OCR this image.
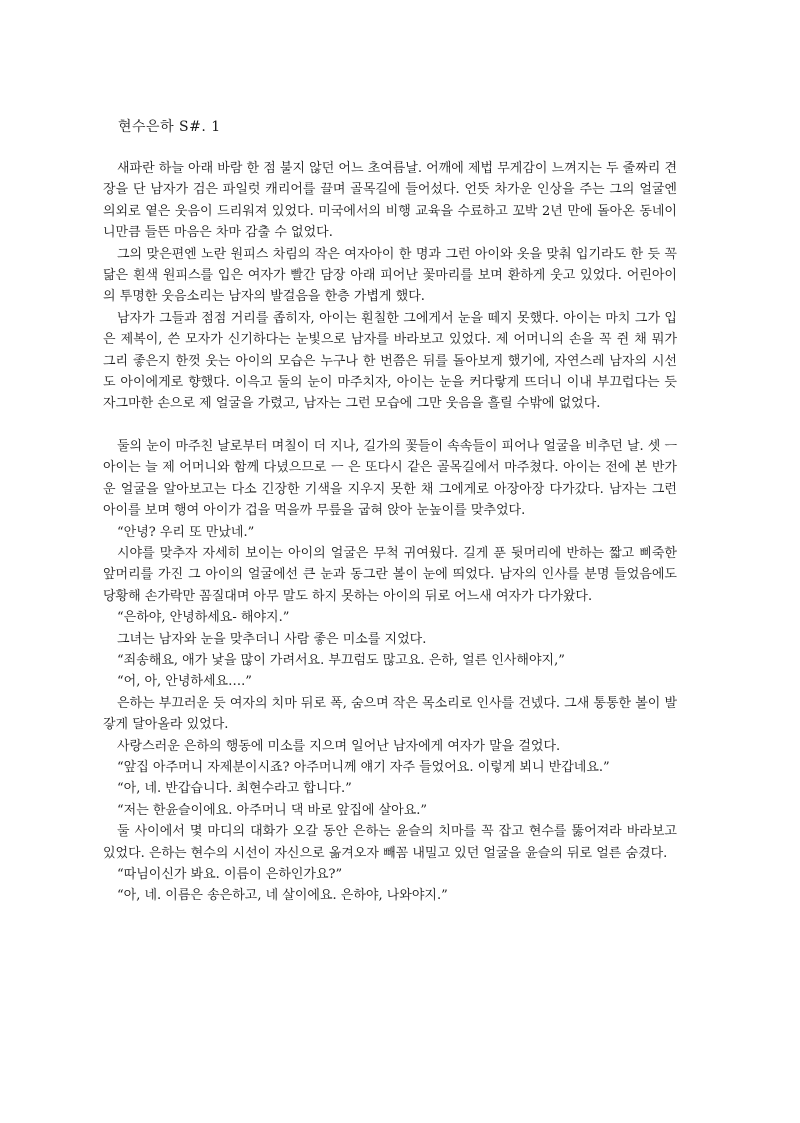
현수은하 S#. 1

새파란 하늘 아래 바람 한 점 불지 않던 어느 초여름날. 어깨에 제법 무게감이 느껴지는 두 줄짜리 견장을 단 남자가 검은 파일럿 캐리어를 끌며 골목길에 들어섰다. 언뜻 차가운 인상을 주는 그의 얼굴엔 의외로 옅은 웃음이 드리워져 있었다. 미국에서의 비행 교육을 수료하고 꼬박 2년 만에 돌아온 동네이니만큼 들뜬 마음은 차마 감출 수 없었다.

그의 맞은편엔 노란 원피스 차림의 작은 여자아이 한 명과 그런 아이와 옷을 맞춰 입기라도 한 듯 꼭 닮은 흰색 원피스를 입은 여자가 빨간 담장 아래 피어난 꽃마리를 보며 환하게 웃고 있었다. 어린아이의 투명한 웃음소리는 남자의 발걸음을 한층 가볍게 했다.

남자가 그들과 점점 거리를 좁히자, 아이는 훤칠한 그에게서 눈을 떼지 못했다. 아이는 마치 그가 입은 제복이, 쓴 모자가 신기하다는 눈빛으로 남자를 바라보고 있었다. 제 어머니의 손을 꼭 쥔 채 뭐가 그리 좋은지 한껏 웃는 아이의 모습은 누구나 한 번쯤은 뒤를 돌아보게 했기에, 자연스레 남자의 시선도 아이에게로 향했다. 이윽고 둘의 눈이 마주치자, 아이는 눈을 커다랗게 뜨더니 이내 부끄럽다는 듯 자그마한 손으로 제 얼굴을 가렸고, 남자는 그런 모습에 그만 웃음을 흘릴 수밖에 없었다.

둘의 눈이 마주친 날로부터 며칠이 더 지나, 길가의 꽃들이 속속들이 피어나 얼굴을 비추던 날. 셋 ㅡ 아이는 늘 제 어머니와 함께 다녔으므로 ㅡ 은 또다시 같은 골목길에서 마주쳤다. 아이는 전에 본 반가운 얼굴을 알아보고는 다소 긴장한 기색을 지우지 못한 채 그에게로 아장아장 다가갔다. 남자는 그런 아이를 보며 행여 아이가 겁을 먹을까 무릎을 굽혀 앉아 눈높이를 맞추었다.

“안녕? 우리 또 만났네.”

시야를 맞추자 자세히 보이는 아이의 얼굴은 무척 귀여웠다. 길게 푼 뒷머리에 반하는 짧고 삐죽한 앞머리를 가진 그 아이의 얼굴에선 큰 눈과 동그란 볼이 눈에 띄었다. 남자의 인사를 분명 들었음에도 당황해 손가락만 꼼질대며 아무 말도 하지 못하는 아이의 뒤로 어느새 여자가 다가왔다.

“은하야, 안녕하세요- 해야지.”

그녀는 남자와 눈을 맞추더니 사람 좋은 미소를 지었다.

“죄송해요, 애가 낯을 많이 가려서요. 부끄럼도 많고요. 은하, 얼른 인사해야지,”

“어, 아, 안녕하세요….”

은하는 부끄러운 듯 여자의 치마 뒤로 폭, 숨으며 작은 목소리로 인사를 건넸다. 그새 통통한 볼이 발갛게 달아올라 있었다.

사랑스러운 은하의 행동에 미소를 지으며 일어난 남자에게 여자가 말을 걸었다.

“앞집 아주머니 자제분이시죠? 아주머니께 얘기 자주 들었어요. 이렇게 뵈니 반갑네요.”

“아, 네. 반갑습니다. 최현수라고 합니다.”

“저는 한윤슬이에요. 아주머니 댁 바로 앞집에 살아요.”

둘 사이에서 몇 마디의 대화가 오갈 동안 은하는 윤슬의 치마를 꼭 잡고 현수를 뚫어져라 바라보고 있었다. 은하는 현수의 시선이 자신으로 옮겨오자 빼꼼 내밀고 있던 얼굴을 윤슬의 뒤로 얼른 숨겼다.

“따님이신가 봐요. 이름이 은하인가요?”

“아, 네. 이름은 송은하고, 네 살이에요. 은하야, 나와야지.”
